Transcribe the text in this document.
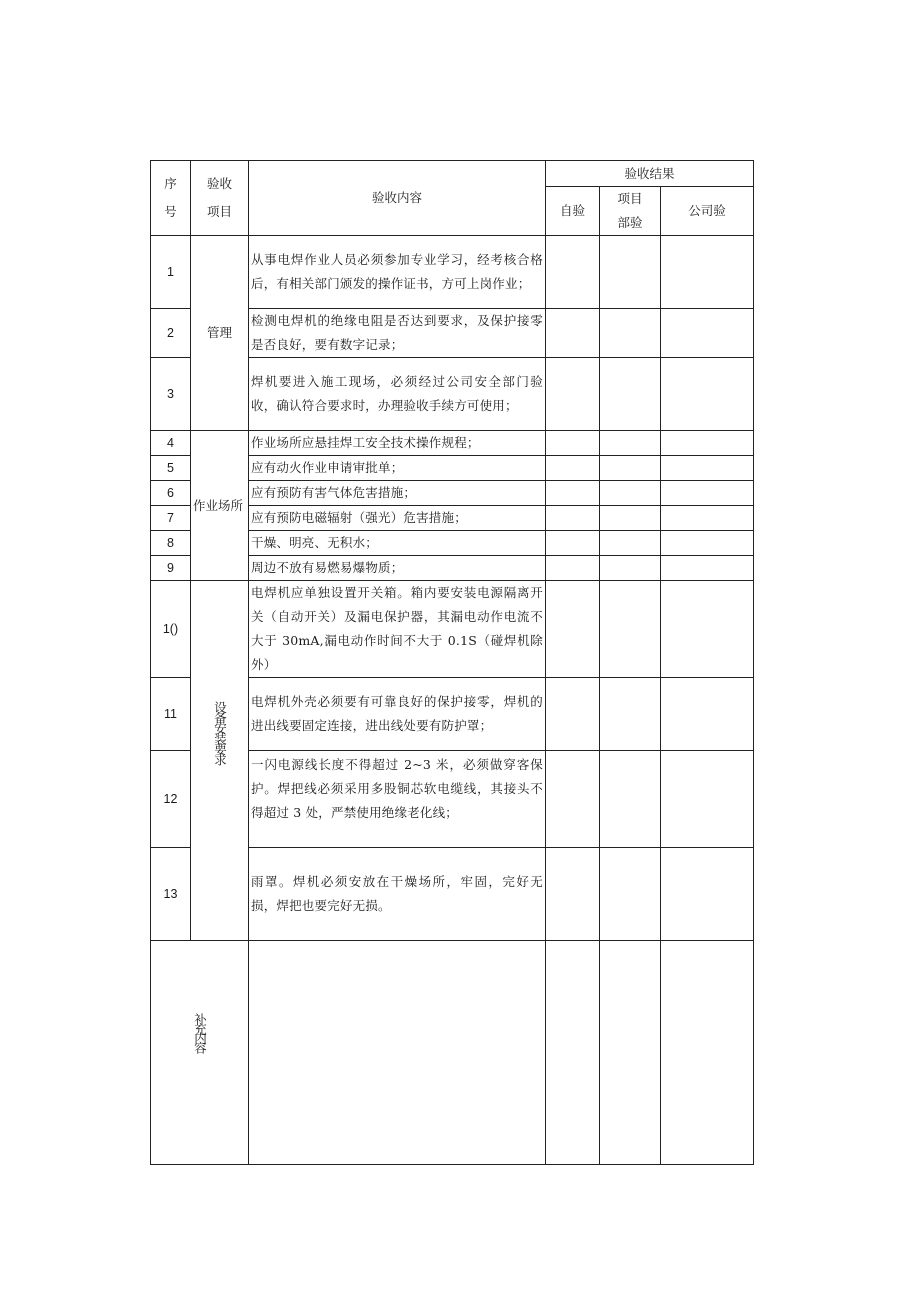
序号	验收项目	验收内容	验收结果		
			自验	项目部验	公司验
1	管理	从事电焊作业人员必须参加专业学习，经考核合格后，有相关部门颁发的操作证书，方可上岗作业；			
2		检测电焊机的绝缘电阻是否达到要求，及保护接零是否良好，要有数字记录；			
3		焊机要进入施工现场，必须经过公司安全部门验收，确认符合要求时，办理验收手续方可使用；			
4	作业场所	作业场所应悬挂焊工安全技术操作规程；			
5		应有动火作业申请审批单；			
6		应有预防有害气体危害措施；			
7		应有预防电磁辐射（强光）危害措施；			
8		干燥、明亮、无积水；			
9		周边不放有易燃易爆物质；			
1()	设备安装要求	电焊机应单独设置开关箱。箱内要安装电源隔离开关（自动开关）及漏电保护器，其漏电动作电流不大于 30mA,漏电动作时间不大于 0.1S（碰焊机除外）			
11		电焊机外壳必须要有可靠良好的保护接零，焊机的进出线要固定连接，进出线处要有防护罩；			
12		一闪电源线长度不得超过 2~3 米，必须做穿客保护。焊把线必须采用多股铜芯软电缆线，其接头不得超过 3 处，严禁使用绝缘老化线；			
13		雨罩。焊机必须安放在干燥场所，牢固，完好无损，焊把也要完好无损。			
补充内容					
